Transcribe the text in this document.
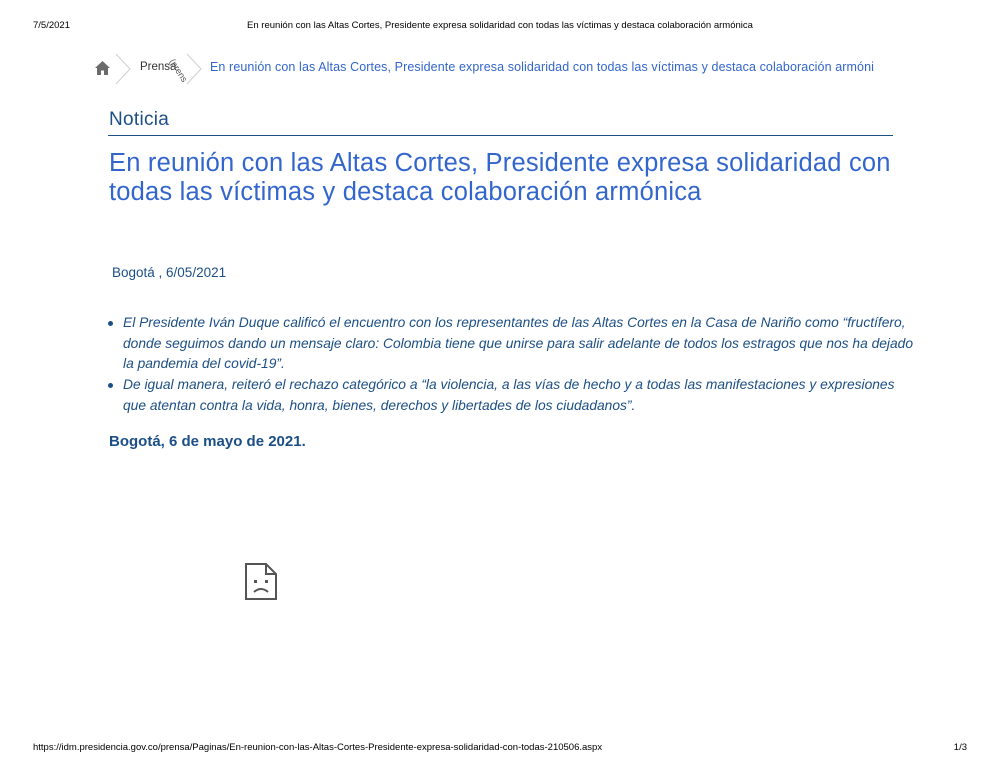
7/5/2021	En reunión con las Altas Cortes, Presidente expresa solidaridad con todas las víctimas y destaca colaboración armónica
Prensa
(prens En reunión con las Altas Cortes, Presidente expresa solidaridad con todas las víctimas y destaca colaboración armóni
Noticia
En reunión con las Altas Cortes, Presidente expresa solidaridad con todas las víctimas y destaca colaboración armónica
Bogotá , 6/05/2021
El Presidente Iván Duque calificó el encuentro con los representantes de las Altas Cortes en la Casa de Nariño como “fructífero, donde seguimos dando un mensaje claro: Colombia tiene que unirse para salir adelante de todos los estragos que nos ha dejado la pandemia del covid-19”.
De igual manera, reiteró el rechazo categórico a “la violencia, a las vías de hecho y a todas las manifestaciones y expresiones que atentan contra la vida, honra, bienes, derechos y libertades de los ciudadanos”.
Bogotá, 6 de mayo de 2021.
https://idm.presidencia.gov.co/prensa/Paginas/En-reunion-con-las-Altas-Cortes-Presidente-expresa-solidaridad-con-todas-210506.aspx	1/3
